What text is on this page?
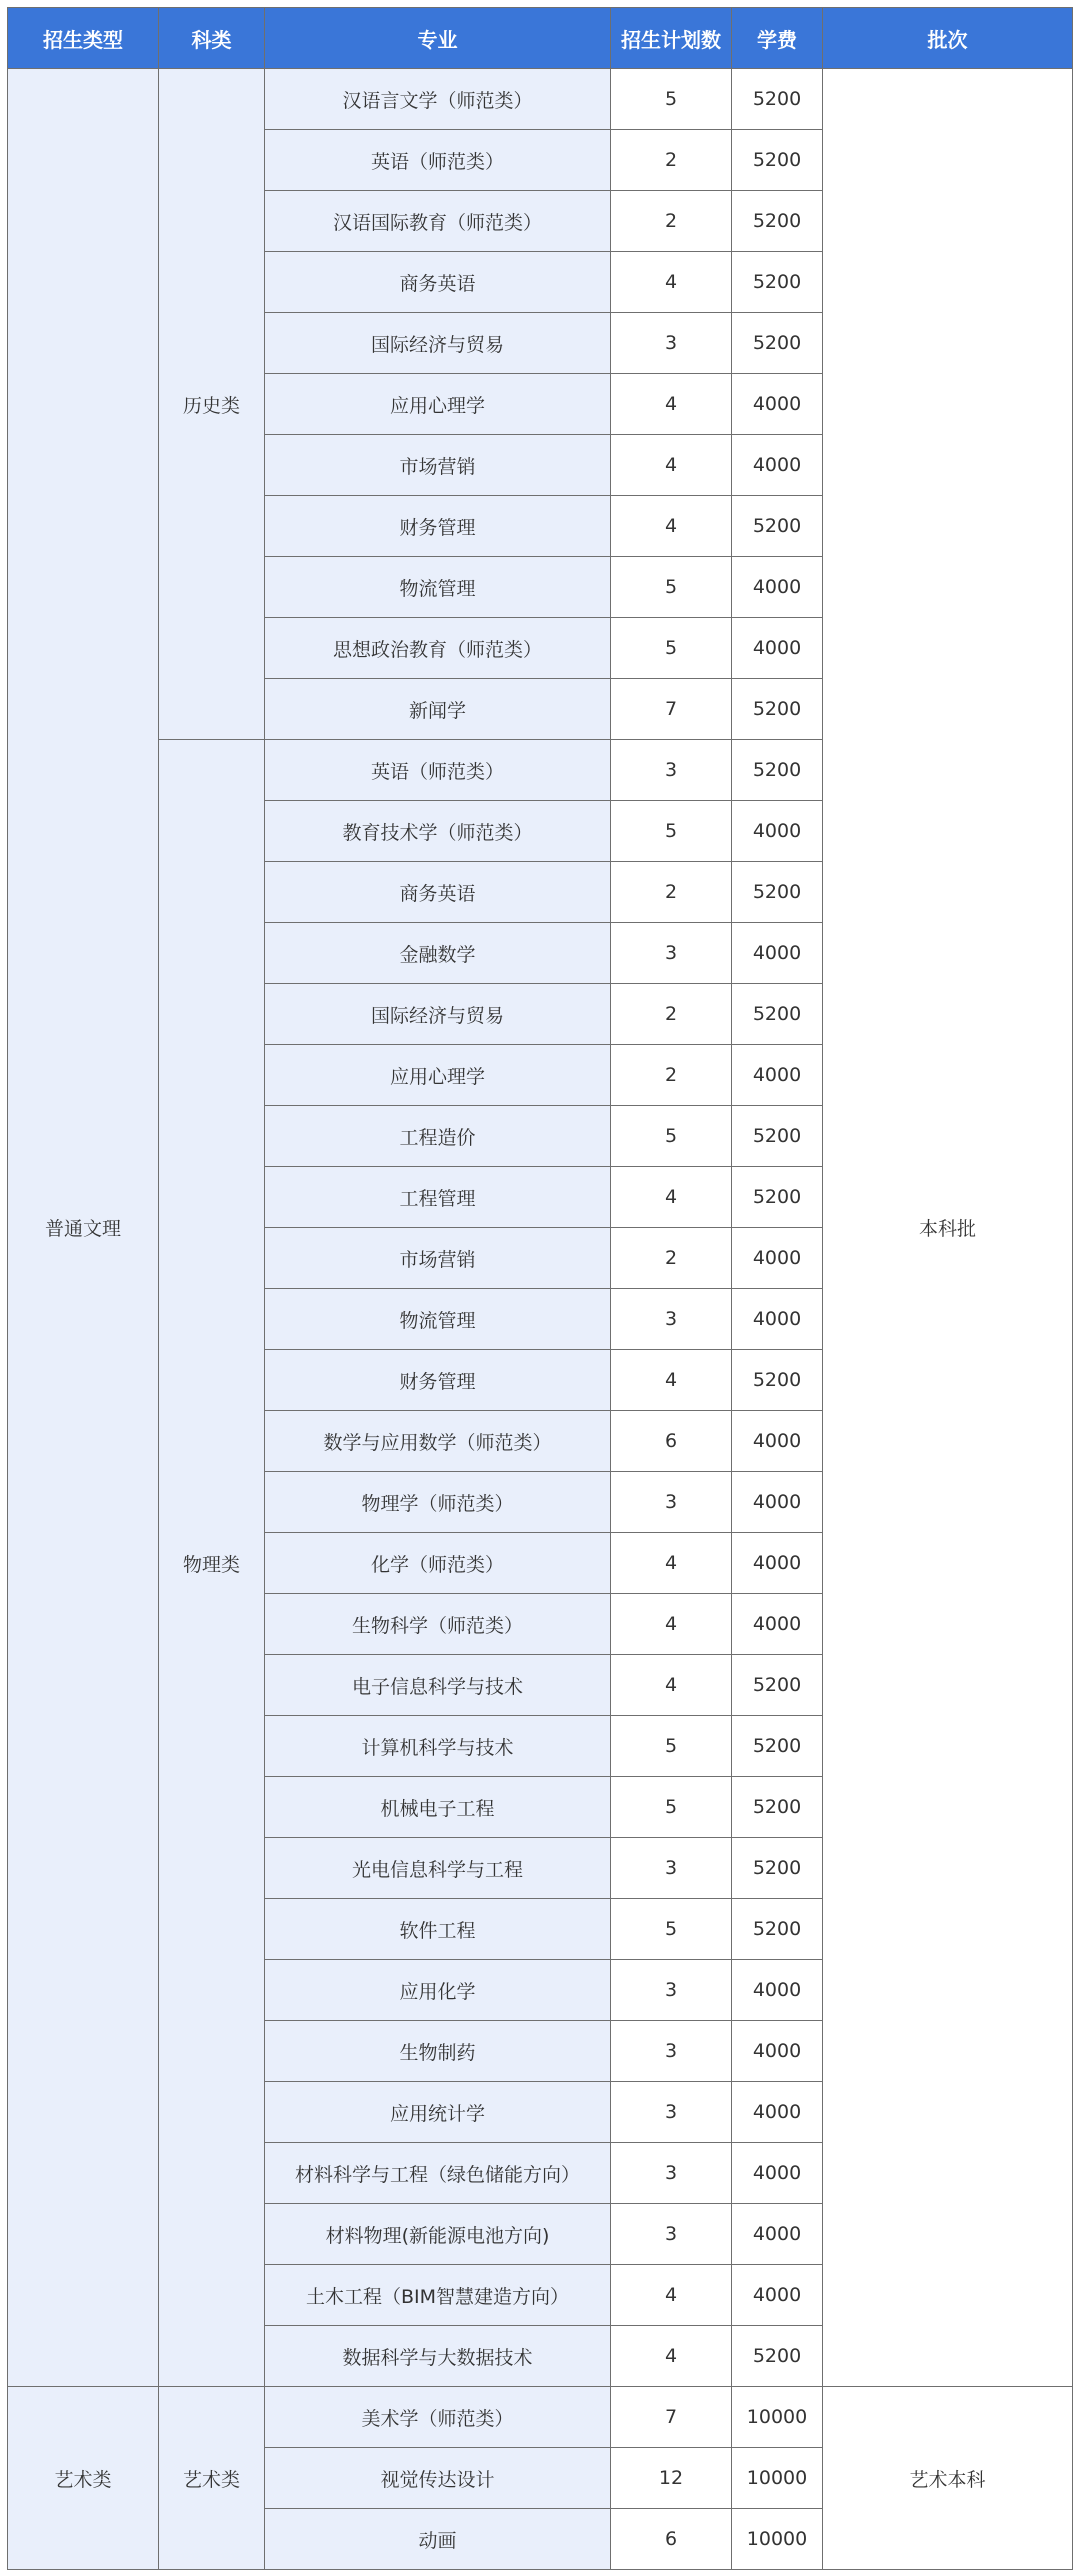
招生类型	科类	专业	招生计划数	学费	批次
普通文理	历史类	汉语言文学（师范类）	5	5200	本科批
		英语（师范类）	2	5200	
		汉语国际教育（师范类）	2	5200	
		商务英语	4	5200	
		国际经济与贸易	3	5200	
		应用心理学	4	4000	
		市场营销	4	4000	
		财务管理	4	5200	
		物流管理	5	4000	
		思想政治教育（师范类）	5	4000	
		新闻学	7	5200	
	物理类	英语（师范类）	3	5200	
		教育技术学（师范类）	5	4000	
		商务英语	2	5200	
		金融数学	3	4000	
		国际经济与贸易	2	5200	
		应用心理学	2	4000	
		工程造价	5	5200	
		工程管理	4	5200	
		市场营销	2	4000	
		物流管理	3	4000	
		财务管理	4	5200	
		数学与应用数学（师范类）	6	4000	
		物理学（师范类）	3	4000	
		化学（师范类）	4	4000	
		生物科学（师范类）	4	4000	
		电子信息科学与技术	4	5200	
		计算机科学与技术	5	5200	
		机械电子工程	5	5200	
		光电信息科学与工程	3	5200	
		软件工程	5	5200	
		应用化学	3	4000	
		生物制药	3	4000	
		应用统计学	3	4000	
		材料科学与工程（绿色储能方向）	3	4000	
		材料物理(新能源电池方向)	3	4000	
		土木工程（BIM智慧建造方向）	4	4000	
		数据科学与大数据技术	4	5200	
艺术类	艺术类	美术学（师范类）	7	10000	艺术本科
		视觉传达设计	12	10000	
		动画	6	10000	
